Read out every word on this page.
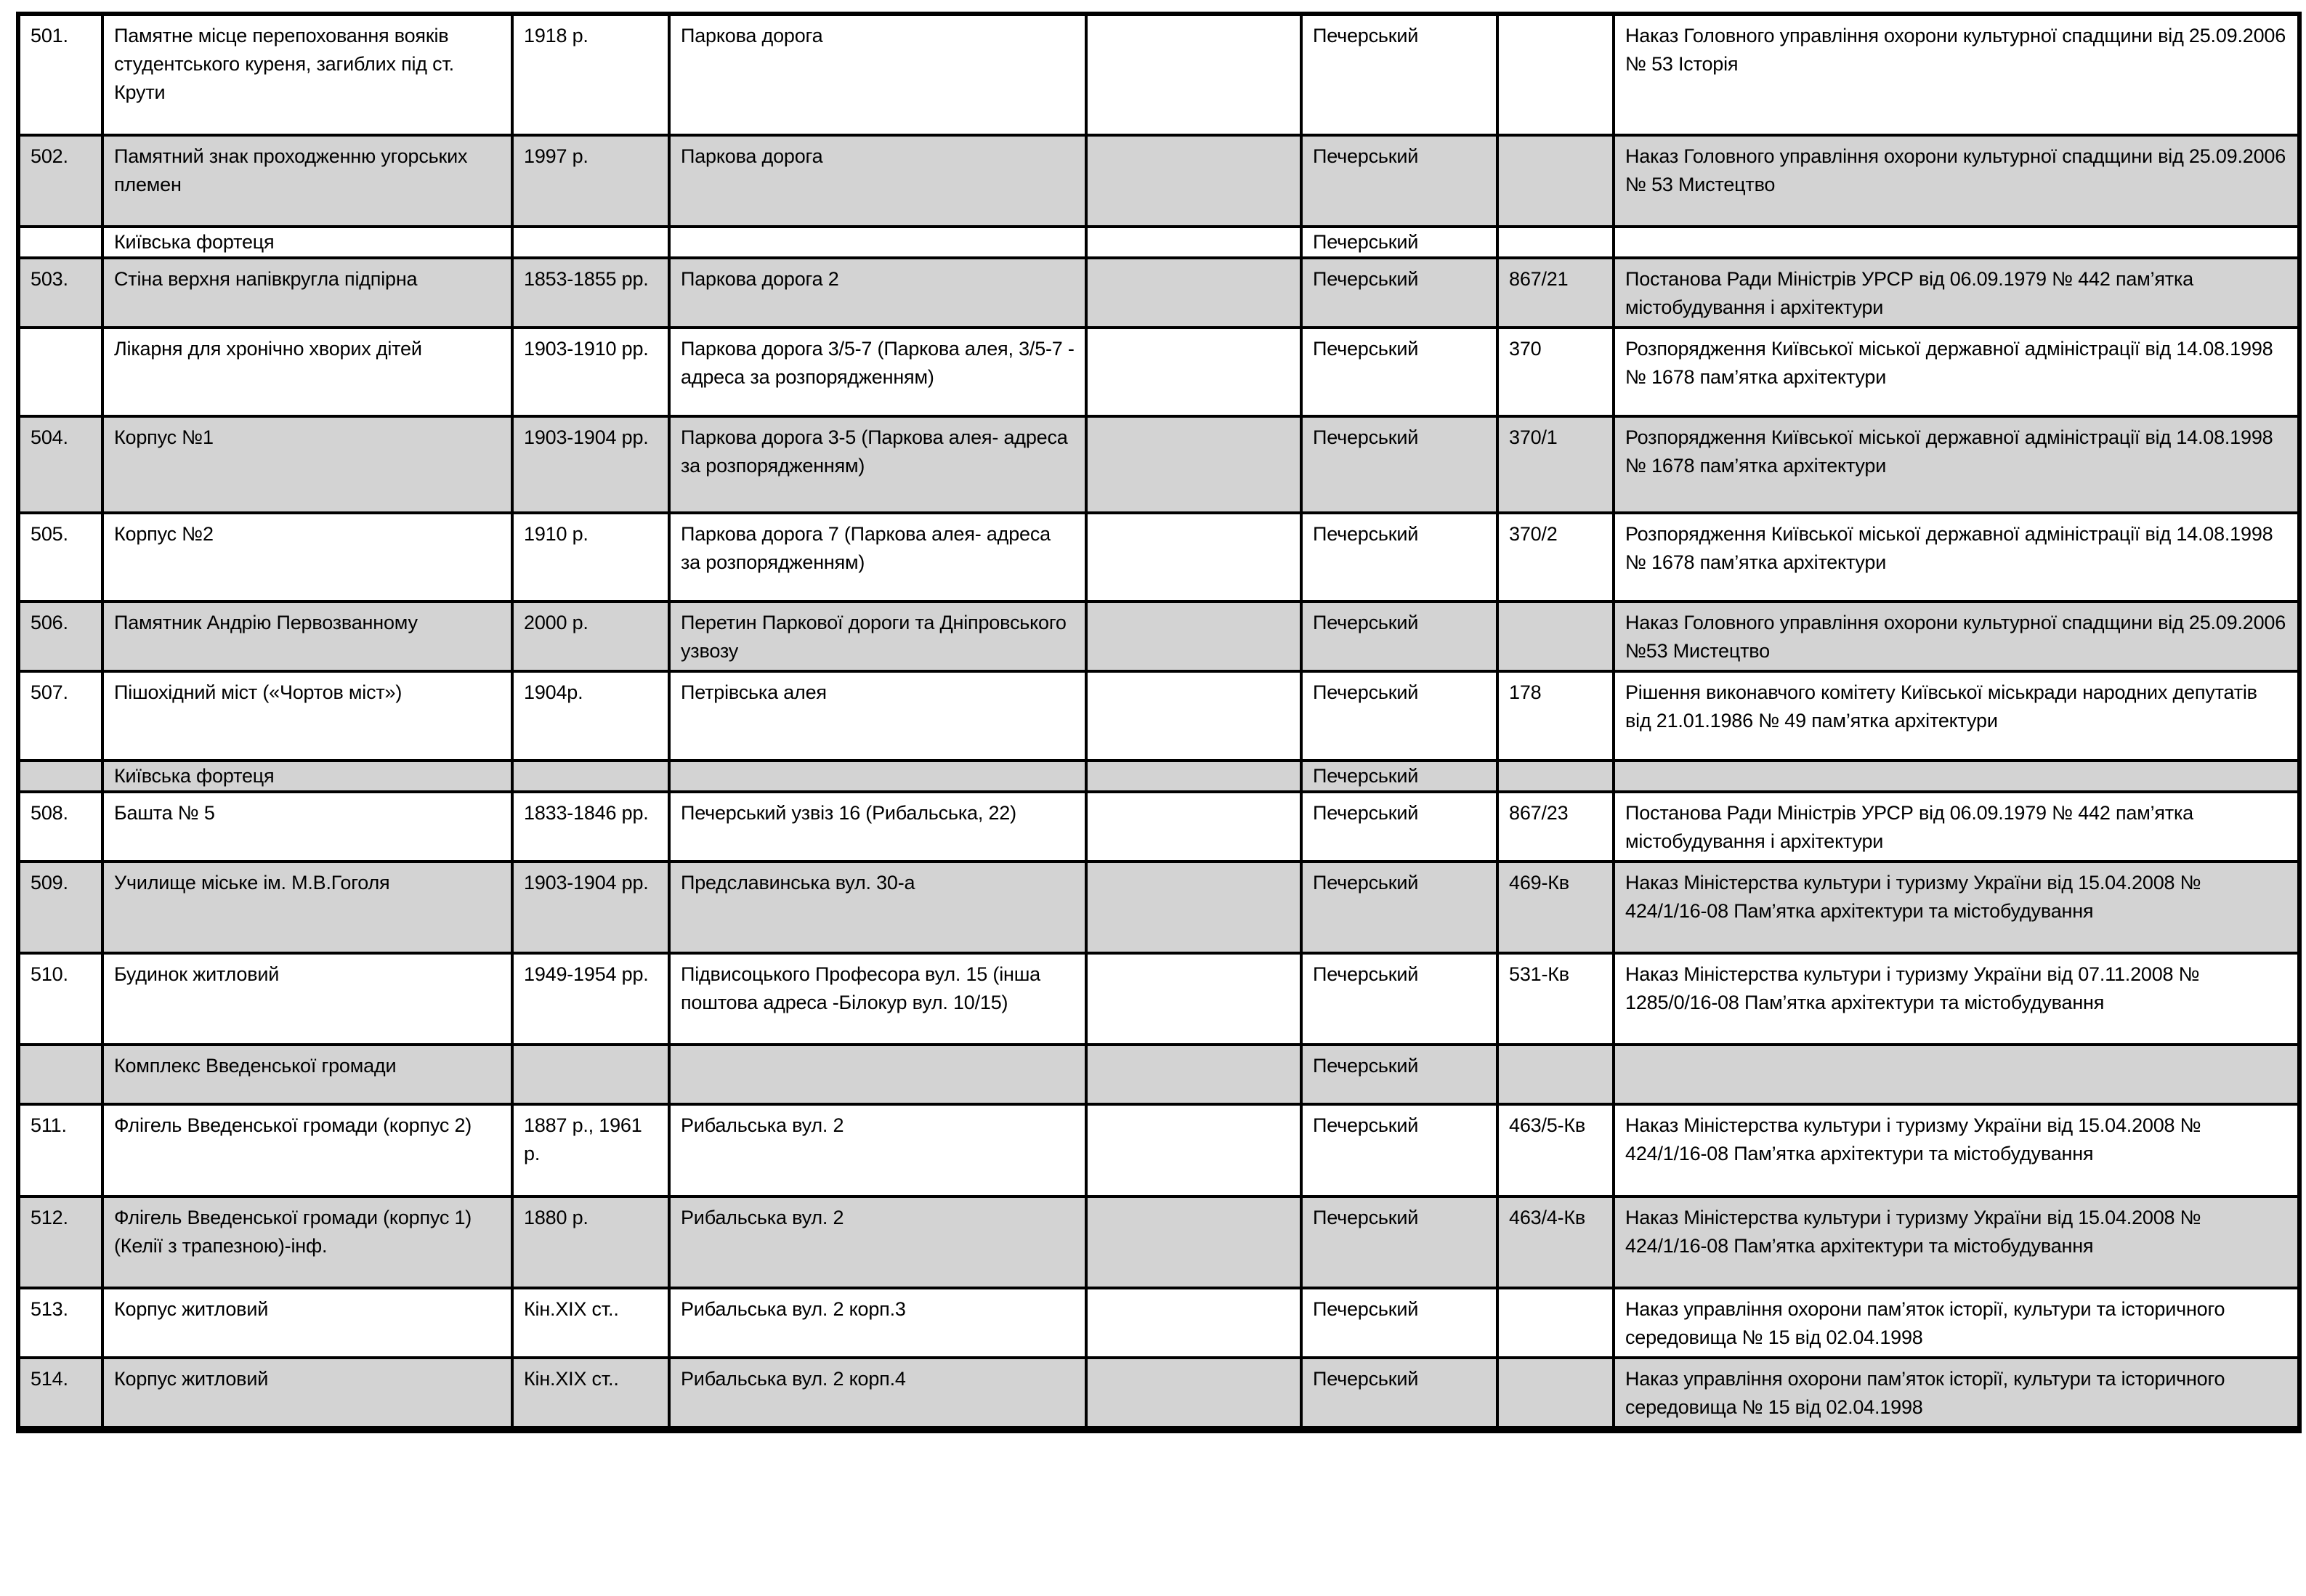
501.	Памятне місце перепоховання вояків студентського куреня, загиблих під ст. Крути	1918 р.	Паркова дорога		Печерський		Наказ Головного управління охорони культурної спадщини від 25.09.2006 № 53 Історія
502.	Памятний знак проходженню угорських племен	1997 р.	Паркова дорога		Печерський		Наказ Головного управління охорони культурної спадщини від 25.09.2006 № 53 Мистецтво
	Київська фортеця				Печерський		
503.	Стіна верхня напівкругла підпірна	1853-1855 рр.	Паркова дорога 2		Печерський	867/21	Постанова Ради Міністрів УРСР від 06.09.1979 № 442 пам’ятка містобудування і архітектури
	Лікарня для хронічно хворих дітей	1903-1910 рр.	Паркова дорога 3/5-7 (Паркова алея, 3/5-7 - адреса за розпорядженням)		Печерський	370	Розпорядження Київської міської державної адміністрації від 14.08.1998 № 1678 пам’ятка архітектури
504.	Корпус №1	1903-1904 рр.	Паркова дорога 3-5 (Паркова алея- адреса за розпорядженням)		Печерський	370/1	Розпорядження Київської міської державної адміністрації від 14.08.1998 № 1678 пам’ятка архітектури
505.	Корпус №2	1910 р.	Паркова дорога 7 (Паркова алея- адреса за розпорядженням)		Печерський	370/2	Розпорядження Київської міської державної адміністрації від 14.08.1998 № 1678 пам’ятка архітектури
506.	Памятник Андрію Первозванному	2000 р.	Перетин Паркової дороги та Дніпровського узвозу		Печерський		Наказ Головного управління охорони культурної спадщини від 25.09.2006 №53 Мистецтво
507.	Пішохідний міст («Чортов міст»)	1904р.	Петрівська алея		Печерський	178	Рішення виконавчого комітету Київської міськради народних депутатів від 21.01.1986 № 49 пам’ятка архітектури
	Київська фортеця				Печерський		
508.	Башта № 5	1833-1846 рр.	Печерський узвіз 16 (Рибальська, 22)		Печерський	867/23	Постанова Ради Міністрів УРСР від 06.09.1979 № 442 пам’ятка містобудування і архітектури
509.	Училище міське ім. М.В.Гоголя	1903-1904 рр.	Предславинська вул. 30-а		Печерський	469-Кв	Наказ Міністерства культури і туризму України від 15.04.2008 № 424/1/16-08 Пам’ятка архітектури та містобудування
510.	Будинок житловий	1949-1954 рр.	Підвисоцького Професора вул. 15 (інша поштова адреса -Білокур вул. 10/15)		Печерський	531-Кв	Наказ Міністерства культури і туризму України від 07.11.2008 № 1285/0/16-08 Пам’ятка архітектури та містобудування
	Комплекс Введенської громади				Печерський		
511.	Флігель Введенської громади (корпус 2)	1887 р., 1961 р.	Рибальська вул. 2		Печерський	463/5-Кв	Наказ Міністерства культури і туризму України від 15.04.2008 № 424/1/16-08 Пам’ятка архітектури та містобудування
512.	Флігель Введенської громади (корпус 1) (Келії з трапезною)-інф.	1880 р.	Рибальська вул. 2		Печерський	463/4-Кв	Наказ Міністерства культури і туризму України від 15.04.2008 № 424/1/16-08 Пам’ятка архітектури та містобудування
513.	Корпус житловий	Кін.XIX ст..	Рибальська вул. 2 корп.3		Печерський		Наказ управління охорони пам’яток історії, культури та історичного середовища № 15 від 02.04.1998
514.	Корпус житловий	Кін.XIX ст..	Рибальська вул. 2 корп.4		Печерський		Наказ управління охорони пам’яток історії, культури та історичного середовища № 15 від 02.04.1998
